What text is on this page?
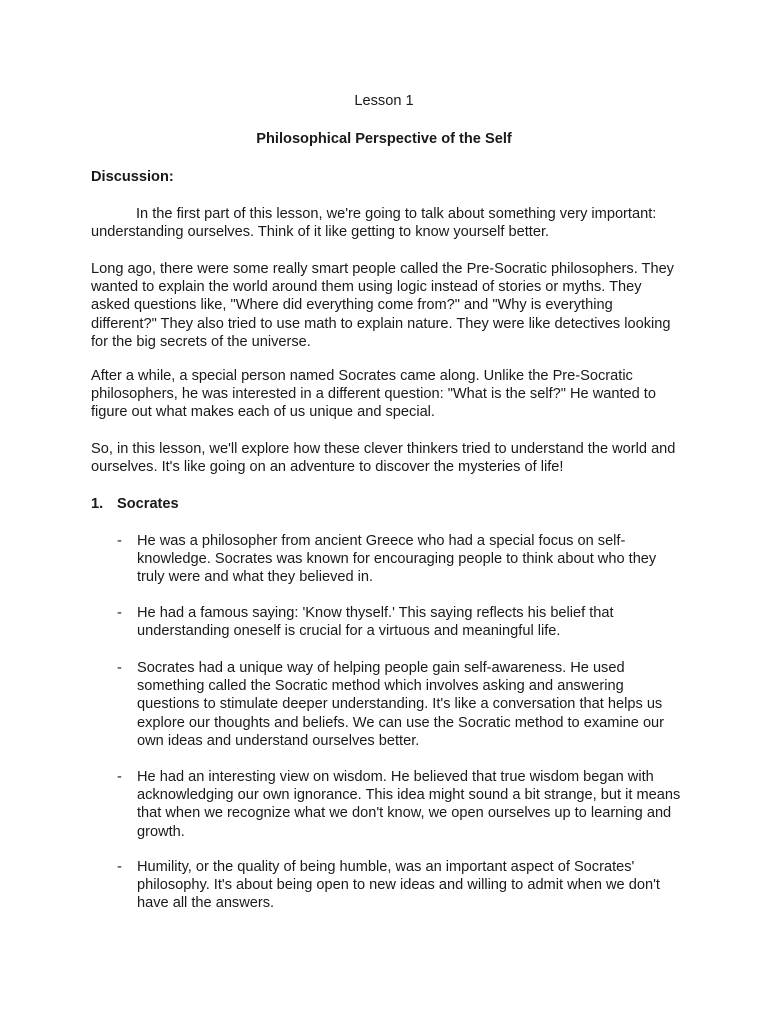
Lesson 1
Philosophical Perspective of the Self
Discussion:

In the first part of this lesson, we're going to talk about something very important: understanding ourselves. Think of it like getting to know yourself better.

Long ago, there were some really smart people called the Pre-Socratic philosophers. They wanted to explain the world around them using logic instead of stories or myths. They asked questions like, "Where did everything come from?" and "Why is everything different?" They also tried to use math to explain nature. They were like detectives looking for the big secrets of the universe.

After a while, a special person named Socrates came along. Unlike the Pre-Socratic philosophers, he was interested in a different question: "What is the self?" He wanted to figure out what makes each of us unique and special.

So, in this lesson, we'll explore how these clever thinkers tried to understand the world and ourselves. It's like going on an adventure to discover the mysteries of life!

1. Socrates
-	He was a philosopher from ancient Greece who had a special focus on self-knowledge. Socrates was known for encouraging people to think about who they truly were and what they believed in.

-	He had a famous saying: 'Know thyself.' This saying reflects his belief that understanding oneself is crucial for a virtuous and meaningful life.

-	Socrates had a unique way of helping people gain self-awareness. He used something called the Socratic method which involves asking and answering questions to stimulate deeper understanding. It's like a conversation that helps us explore our thoughts and beliefs. We can use the Socratic method to examine our own ideas and understand ourselves better.

-	He had an interesting view on wisdom. He believed that true wisdom began with acknowledging our own ignorance. This idea might sound a bit strange, but it means that when we recognize what we don't know, we open ourselves up to learning and growth.

-	Humility, or the quality of being humble, was an important aspect of Socrates' philosophy. It's about being open to new ideas and willing to admit when we don't have all the answers.
